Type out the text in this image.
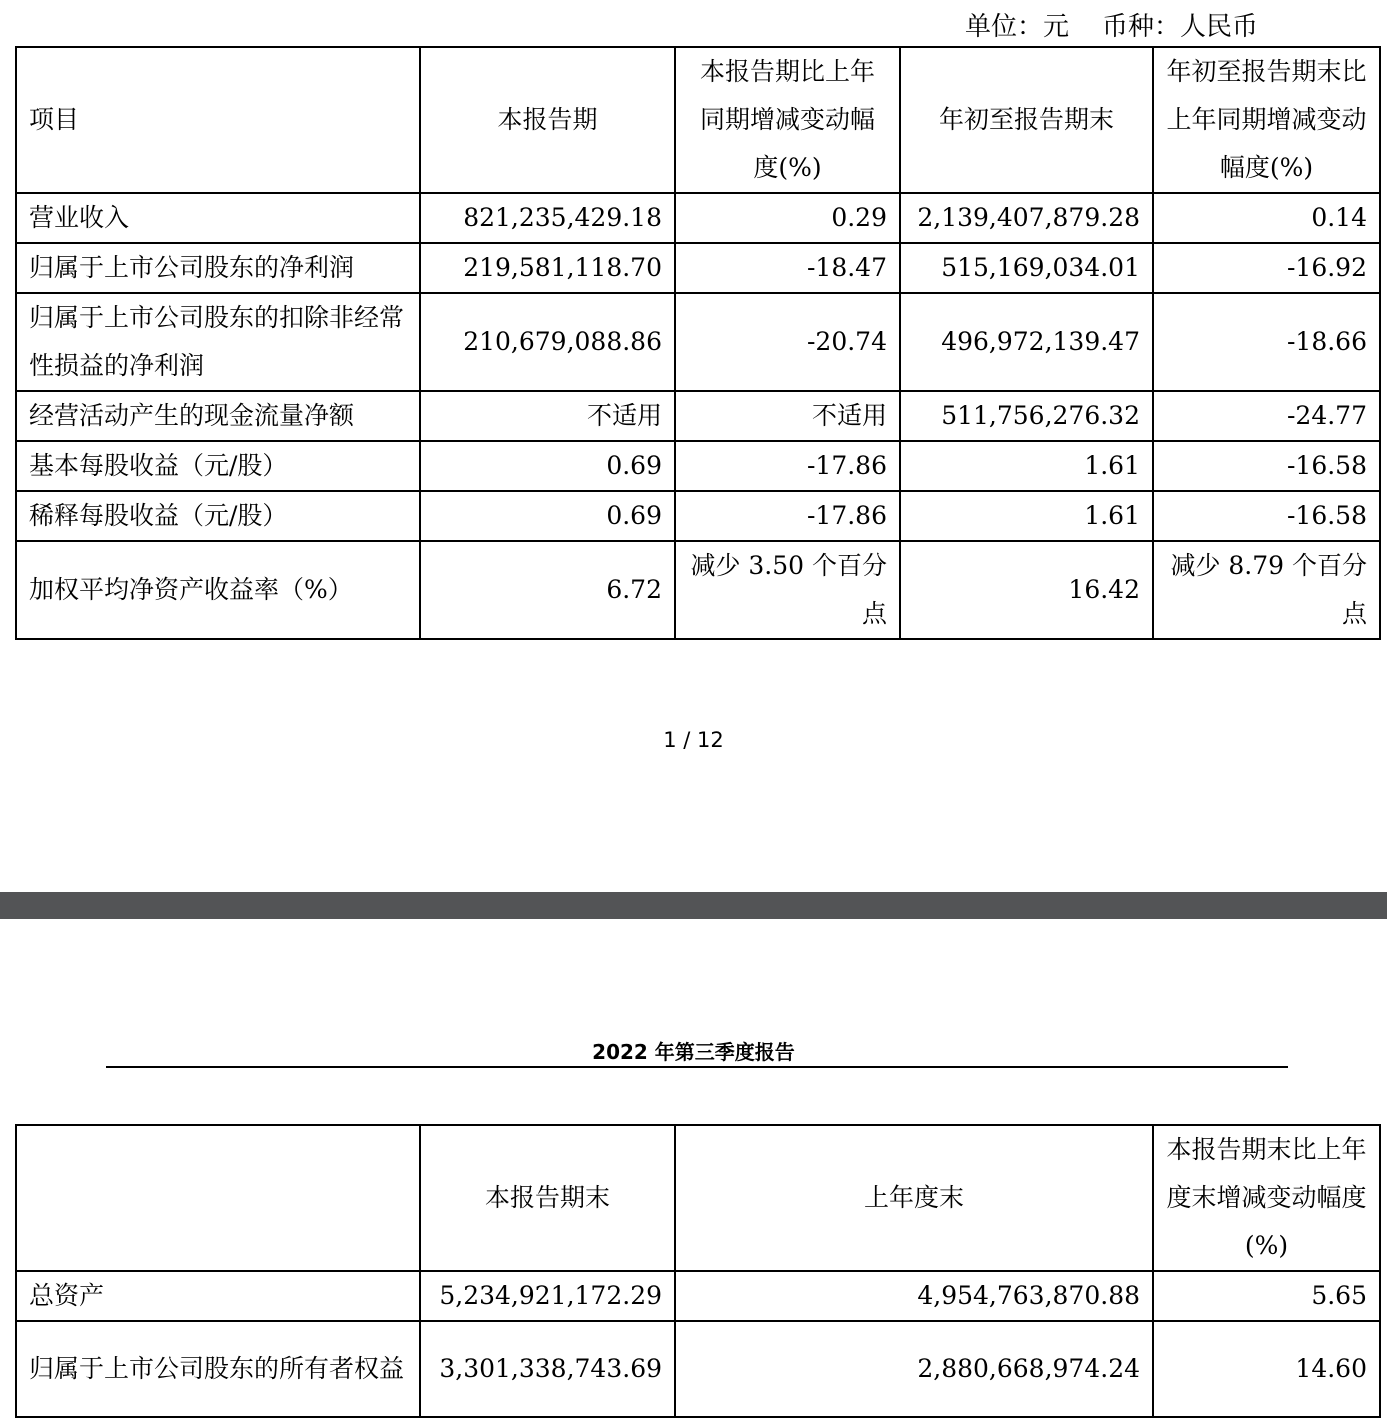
单位：元    币种：人民币
项目	本报告期	本报告期比上年同期增减变动幅度(%)	年初至报告期末	年初至报告期末比上年同期增减变动幅度(%)
营业收入	821,235,429.18	0.29	2,139,407,879.28	0.14
归属于上市公司股东的净利润	219,581,118.70	-18.47	515,169,034.01	-16.92
归属于上市公司股东的扣除非经常性损益的净利润	210,679,088.86	-20.74	496,972,139.47	-18.66
经营活动产生的现金流量净额	不适用	不适用	511,756,276.32	-24.77
基本每股收益（元/股）	0.69	-17.86	1.61	-16.58
稀释每股收益（元/股）	0.69	-17.86	1.61	-16.58
加权平均净资产收益率（%）	6.72	减少 3.50 个百分点	16.42	减少 8.79 个百分点
1 / 12
2022 年第三季度报告
	本报告期末	上年度末	本报告期末比上年度末增减变动幅度(%)
总资产	5,234,921,172.29	4,954,763,870.88	5.65
归属于上市公司股东的所有者权益	3,301,338,743.69	2,880,668,974.24	14.60
